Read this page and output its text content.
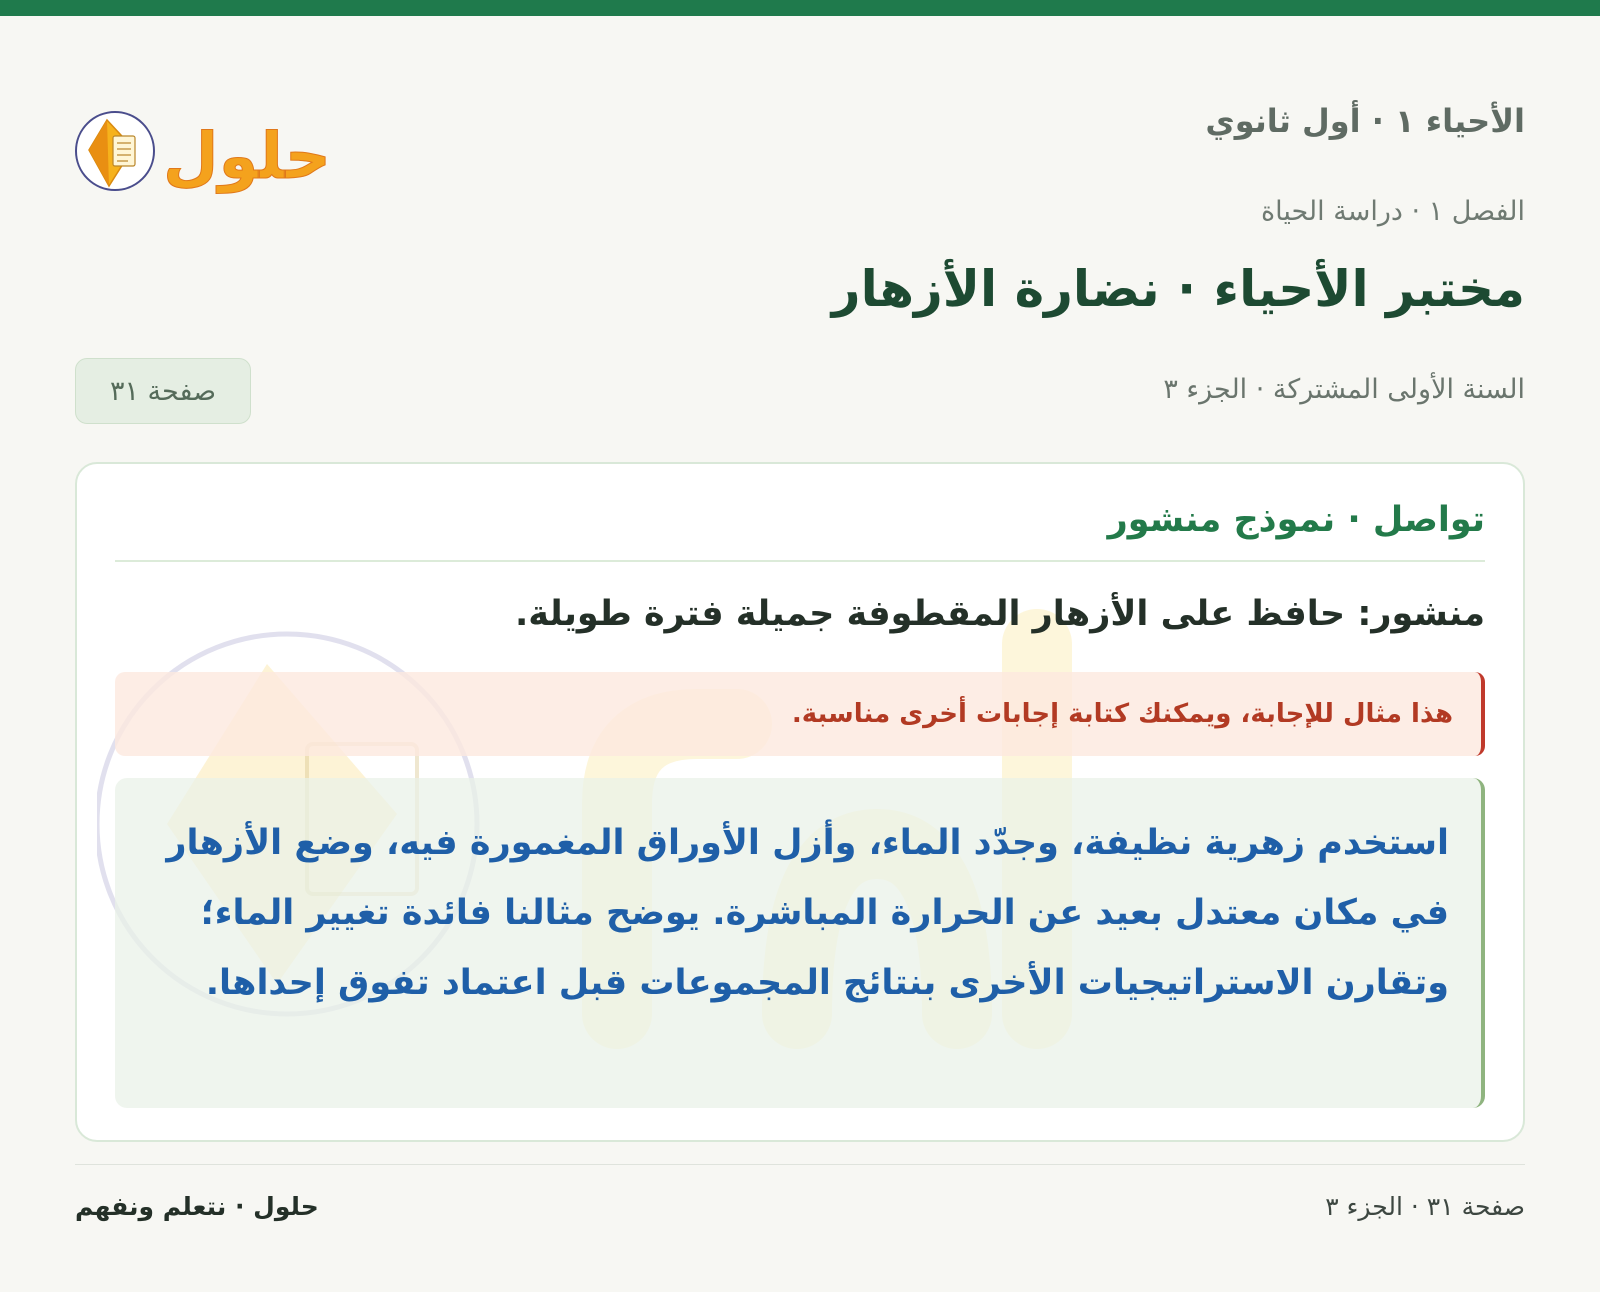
الأحياء ١ · أول ثانوي
حلول
الفصل ١ · دراسة الحياة
مختبر الأحياء · نضارة الأزهار
السنة الأولى المشتركة · الجزء ٣
صفحة ٣١
تواصل · نموذج منشور
منشور: حافظ على الأزهار المقطوفة جميلة فترة طويلة.
هذا مثال للإجابة، ويمكنك كتابة إجابات أخرى مناسبة.
استخدم زهرية نظيفة، وجدّد الماء، وأزل الأوراق المغمورة فيه، وضع الأزهار في مكان معتدل بعيد عن الحرارة المباشرة. يوضح مثالنا فائدة تغيير الماء؛ وتقارن الاستراتيجيات الأخرى بنتائج المجموعات قبل اعتماد تفوق إحداها.
حلول · نتعلم ونفهم	صفحة ٣١ · الجزء ٣
